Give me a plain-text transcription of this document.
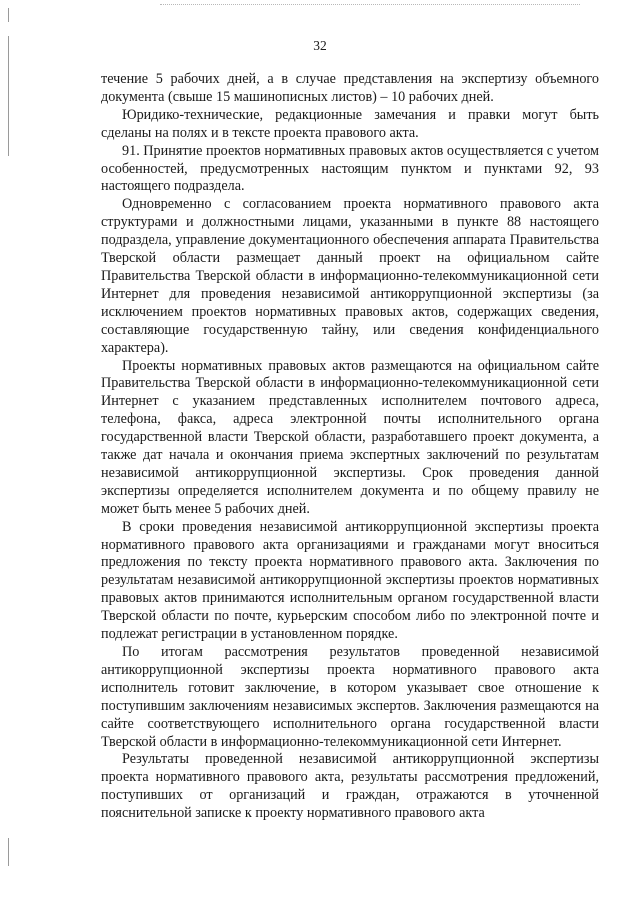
32

течение 5 рабочих дней, а в случае представления на экспертизу объемного документа (свыше 15 машинописных листов) – 10 рабочих дней.

Юридико-технические, редакционные замечания и правки могут быть сделаны на полях и в тексте проекта правового акта.

91. Принятие проектов нормативных правовых актов осуществляется с учетом особенностей, предусмотренных настоящим пунктом и пунктами 92, 93 настоящего подраздела.

Одновременно с согласованием проекта нормативного правового акта структурами и должностными лицами, указанными в пункте 88 настоящего подраздела, управление документационного обеспечения аппарата Правительства Тверской области размещает данный проект на официальном сайте Правительства Тверской области в информационно-телекоммуникационной сети Интернет для проведения независимой антикоррупционной экспертизы (за исключением проектов нормативных правовых актов, содержащих сведения, составляющие государственную тайну, или сведения конфиденциального характера).

Проекты нормативных правовых актов размещаются на официальном сайте Правительства Тверской области в информационно-телекоммуникационной сети Интернет с указанием представленных исполнителем почтового адреса, телефона, факса, адреса электронной почты исполнительного органа государственной власти Тверской области, разработавшего проект документа, а также дат начала и окончания приема экспертных заключений по результатам независимой антикоррупционной экспертизы. Срок проведения данной экспертизы определяется исполнителем документа и по общему правилу не может быть менее 5 рабочих дней.

В сроки проведения независимой антикоррупционной экспертизы проекта нормативного правового акта организациями и гражданами могут вноситься предложения по тексту проекта нормативного правового акта. Заключения по результатам независимой антикоррупционной экспертизы проектов нормативных правовых актов принимаются исполнительным органом государственной власти Тверской области по почте, курьерским способом либо по электронной почте и подлежат регистрации в установленном порядке.

По итогам рассмотрения результатов проведенной независимой антикоррупционной экспертизы проекта нормативного правового акта исполнитель готовит заключение, в котором указывает свое отношение к поступившим заключениям независимых экспертов. Заключения размещаются на сайте соответствующего исполнительного органа государственной власти Тверской области в информационно-телекоммуникационной сети Интернет.

Результаты проведенной независимой антикоррупционной экспертизы проекта нормативного правового акта, результаты рассмотрения предложений, поступивших от организаций и граждан, отражаются в уточненной пояснительной записке к проекту нормативного правового акта
